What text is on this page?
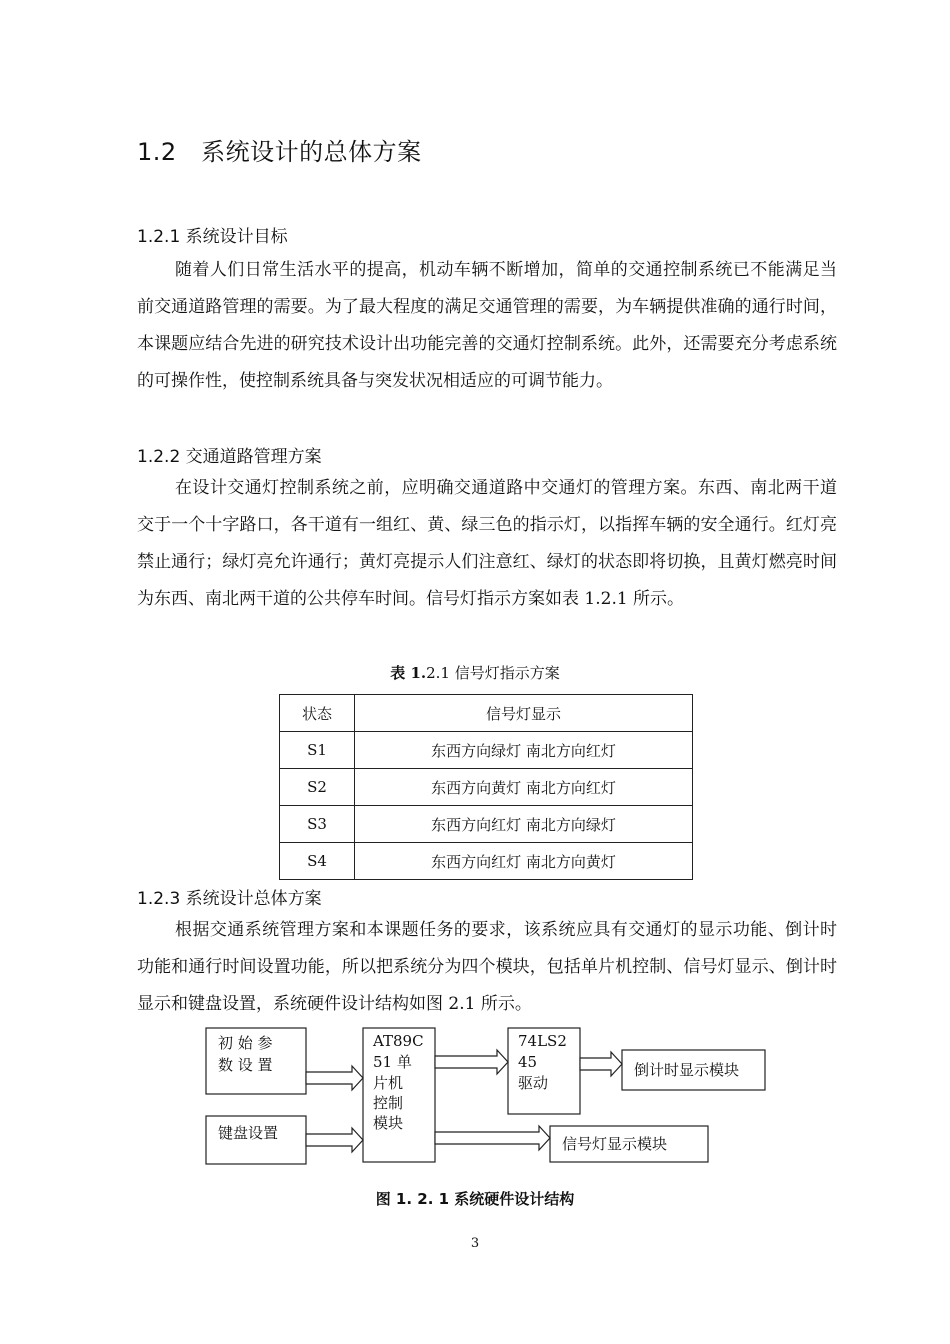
1.2　系统设计的总体方案
1.2.1 系统设计目标

随着人们日常生活水平的提高，机动车辆不断增加，简单的交通控制系统已不能满足当前交通道路管理的需要。为了最大程度的满足交通管理的需要，为车辆提供准确的通行时间，本课题应结合先进的研究技术设计出功能完善的交通灯控制系统。此外，还需要充分考虑系统的可操作性，使控制系统具备与突发状况相适应的可调节能力。

1.2.2 交通道路管理方案

在设计交通灯控制系统之前，应明确交通道路中交通灯的管理方案。东西、南北两干道交于一个十字路口，各干道有一组红、黄、绿三色的指示灯，以指挥车辆的安全通行。红灯亮禁止通行；绿灯亮允许通行；黄灯亮提示人们注意红、绿灯的状态即将切换，且黄灯燃亮时间为东西、南北两干道的公共停车时间。信号灯指示方案如表 1.2.1 所示。

表 1.2.1 信号灯指示方案
状态	信号灯显示
S1	东西方向绿灯 南北方向红灯
S2	东西方向黄灯 南北方向红灯
S3	东西方向红灯 南北方向绿灯
S4	东西方向红灯 南北方向黄灯
1.2.3 系统设计总体方案

根据交通系统管理方案和本课题任务的要求，该系统应具有交通灯的显示功能、倒计时功能和通行时间设置功能，所以把系统分为四个模块，包括单片机控制、信号灯显示、倒计时显示和键盘设置，系统硬件设计结构如图 2.1 所示。

初 始 参
数 设 置
键盘设置
AT89C
51 单
片机
控制
模块
74LS2
45
驱动
倒计时显示模块
信号灯显示模块
图 1. 2. 1 系统硬件设计结构
3
